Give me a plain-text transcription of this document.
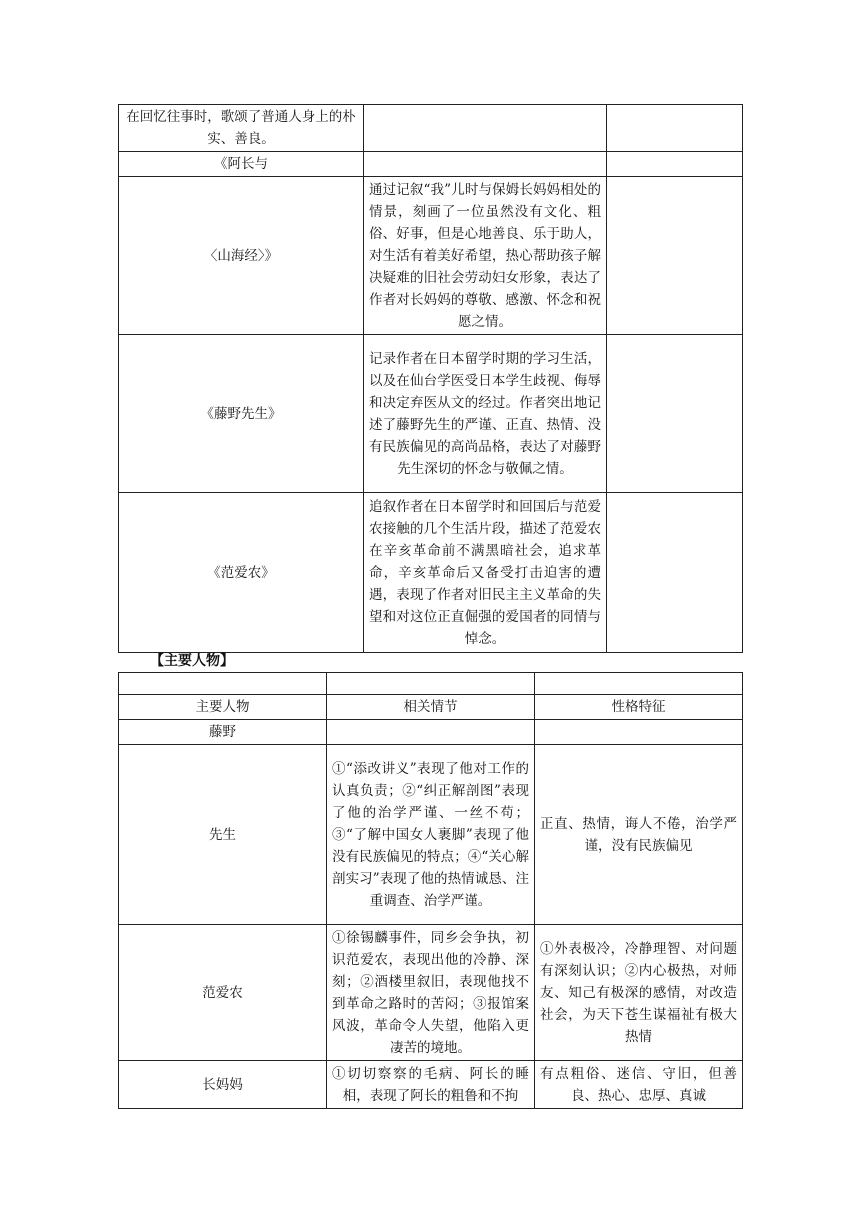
在回忆往事时，歌颂了普通人身上的朴实、善良。		
《阿长与		
〈山海经〉》	通过记叙“我”儿时与保姆长妈妈相处的情景，刻画了一位虽然没有文化、粗俗、好事，但是心地善良、乐于助人，对生活有着美好希望，热心帮助孩子解决疑难的旧社会劳动妇女形象，表达了作者对长妈妈的尊敬、感激、怀念和祝愿之情。	
《藤野先生》	记录作者在日本留学时期的学习生活，以及在仙台学医受日本学生歧视、侮辱和决定弃医从文的经过。作者突出地记述了藤野先生的严谨、正直、热情、没有民族偏见的高尚品格，表达了对藤野先生深切的怀念与敬佩之情。	
《范爱农》	追叙作者在日本留学时和回国后与范爱农接触的几个生活片段，描述了范爱农在辛亥革命前不满黑暗社会，追求革命，辛亥革命后又备受打击迫害的遭遇，表现了作者对旧民主主义革命的失望和对这位正直倔强的爱国者的同情与悼念。	

【主要人物】

主要人物	相关情节	性格特征
藤野		
先生	①“添改讲义”表现了他对工作的认真负责；②“纠正解剖图”表现了他的治学严谨、一丝不苟；③“了解中国女人裹脚”表现了他没有民族偏见的特点；④“关心解剖实习”表现了他的热情诚恳、注重调查、治学严谨。	正直、热情，诲人不倦，治学严谨，没有民族偏见
范爱农	①徐锡麟事件，同乡会争执，初识范爱农，表现出他的冷静、深刻；②酒楼里叙旧，表现他找不到革命之路时的苦闷；③报馆案风波，革命令人失望，他陷入更凄苦的境地。	①外表极冷，冷静理智、对问题有深刻认识；②内心极热，对师友、知己有极深的感情，对改造社会，为天下苍生谋福祉有极大热情
长妈妈	①切切察察的毛病、阿长的睡相，表现了阿长的粗鲁和不拘	有点粗俗、迷信、守旧，但善良、热心、忠厚、真诚
